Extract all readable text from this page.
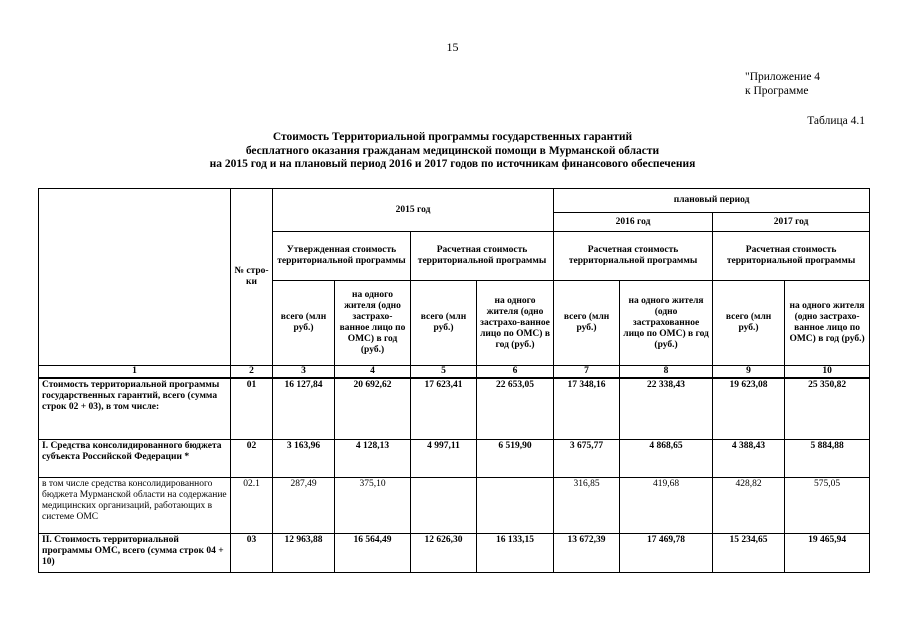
15
"Приложение 4
к Программе
Таблица 4.1
Стоимость Территориальной программы государственных гарантий
бесплатного оказания гражданам медицинской помощи в Мурманской области
на 2015 год и на плановый период 2016 и 2017 годов по источникам финансового обеспечения
	№ стро-ки	2015 год				плановый период			
						2016 год		2017 год	
		Утвержденная стоимость территориальной программы		Расчетная стоимость территориальной программы		Расчетная стоимость территориальной программы		Расчетная стоимость территориальной программы	
		всего (млн руб.)	на одного жителя (одно застрахо-ванное лицо по ОМС) в год (руб.)	всего (млн руб.)	на одного жителя (одно застрахо-ванное лицо по ОМС) в год (руб.)	всего (млн руб.)	на одного жителя (одно застрахованное лицо по ОМС) в год (руб.)	всего (млн руб.)	на одного жителя (одно застрахо-ванное лицо по ОМС) в год (руб.)
1	2	3	4	5	6	7	8	9	10
Стоимость территориальной программы государственных гарантий, всего (сумма строк 02 + 03), в том числе:	01	16 127,84	20 692,62	17 623,41	22 653,05	17 348,16	22 338,43	19 623,08	25 350,82
I. Средства консолидированного бюджета субъекта Российской Федерации *	02	3 163,96	4 128,13	4 997,11	6 519,90	3 675,77	4 868,65	4 388,43	5 884,88
в том числе средства консолидированного бюджета Мурманской области на содержание медицинских организаций, работающих в системе ОМС	02.1	287,49	375,10			316,85	419,68	428,82	575,05
II. Стоимость территориальной программы ОМС, всего (сумма строк 04 + 10)	03	12 963,88	16 564,49	12 626,30	16 133,15	13 672,39	17 469,78	15 234,65	19 465,94
